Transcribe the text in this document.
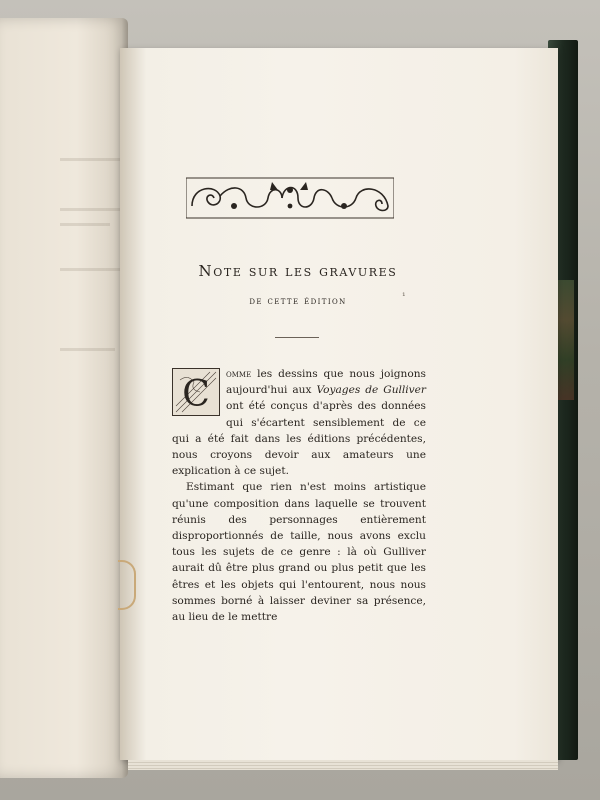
Note sur les gravures
de cette édition	¹

C omme les dessins que nous joignons aujourd'hui aux Voyages de Gulliver ont été conçus d'après des données qui s'écartent sensiblement de ce qui a été fait dans les éditions précédentes, nous croyons devoir aux amateurs une explication à ce sujet.

Estimant que rien n'est moins artistique qu'une composition dans laquelle se trouvent réunis des personnages entièrement disproportionnés de taille, nous avons exclu tous les sujets de ce genre : là où Gulliver aurait dû être plus grand ou plus petit que les êtres et les objets qui l'entourent, nous nous sommes borné à laisser deviner sa présence, au lieu de le mettre
